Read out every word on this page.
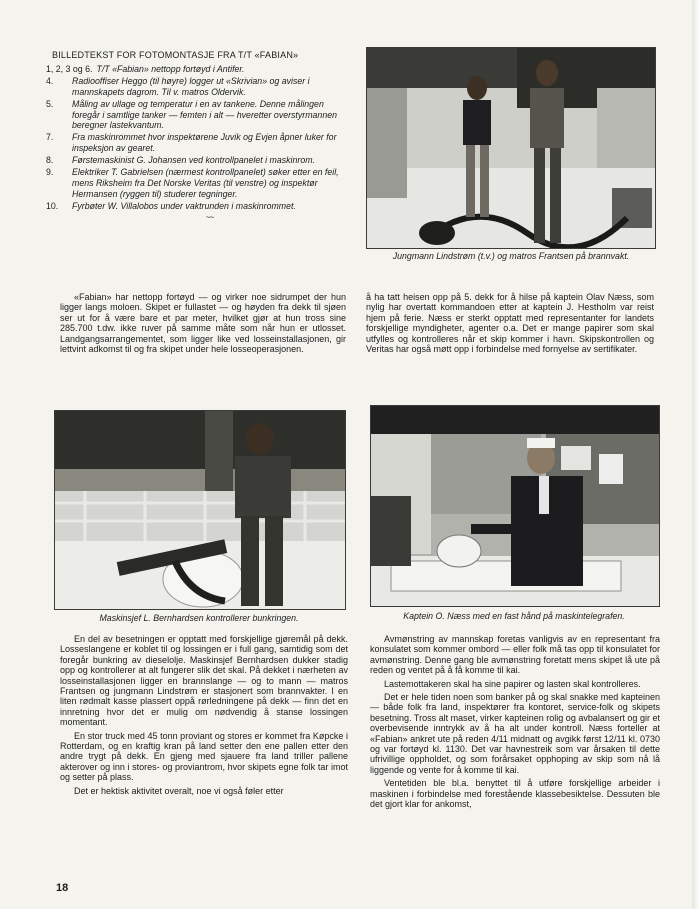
BILLEDTEKST FOR FOTOMONTASJE FRA T/T «FABIAN»
1, 2, 3 og 6. T/T «Fabian» nettopp fortøyd i Antifer.
4.	Radiooffiser Heggo (til høyre) logger ut «Skrivian» og aviser i mannskapets dagrom. Til v. matros Oldervik.
5.	Måling av ullage og temperatur i en av tankene. Denne målingen foregår i samtlige tanker — femten i alt — hveretter overstyrmannen beregner lastekvantum.
7.	Fra maskinrommet hvor inspektørene Juvik og Evjen åpner luker for inspeksjon av gearet.
8.	Førstemaskinist G. Johansen ved kontrollpanelet i maskinrom.
9.	Elektriker T. Gabrielsen (nærmest kontrollpanelet) søker etter en feil, mens Riksheim fra Det Norske Veritas (til venstre) og inspektør Hermansen (ryggen til) studerer tegninger.
10.	Fyrbøter W. Villalobos under vaktrunden i maskinrommet.
~~
Jungmann Lindstrøm (t.v.) og matros Frantsen på brannvakt.

«Fabian» har nettopp fortøyd — og virker noe sidrumpet der hun ligger langs moloen. Skipet er fullastet — og høyden fra dekk til sjøen ser ut for å være bare et par meter, hvilket gjør at hun tross sine 285.700 t.dw. ikke ruver på samme måte som når hun er utlosset. Landgangsarrangementet, som ligger like ved losseinstallasjonen, gir lettvint adkomst til og fra skipet under hele losseoperasjonen.

å ha tatt heisen opp på 5. dekk for å hilse på kaptein Olav Næss, som nylig har overtatt kommandoen etter at kaptein J. Hestholm var reist hjem på ferie. Næss er sterkt opptatt med representanter for landets forskjellige myndigheter, agenter o.a. Det er mange papirer som skal utfylles og kontrolleres når et skip kommer i havn. Skipskontrollen og Veritas har også møtt opp i forbindelse med fornyelse av sertifikater.

Maskinsjef L. Bernhardsen kontrollerer bunkringen.	Kaptein O. Næss med en fast hånd på maskintelegrafen.

En del av besetningen er opptatt med forskjellige gjøremål på dekk. Losseslangene er koblet til og lossingen er i full gang, samtidig som det foregår bunkring av dieselolje. Maskinsjef Bernhardsen dukker stadig opp og kontrollerer at alt fungerer slik det skal. På dekket i nærheten av losseinstallasjonen ligger en brannslange — og to mann — matros Frantsen og jungmann Lindstrøm er stasjonert som brannvakter. I en liten rødmalt kasse plassert oppå rørledningene på dekk — finn det en innretning hvor det er mulig om nødvendig å stanse lossingen momentant.

En stor truck med 45 tonn proviant og stores er kommet fra Køpcke i Rotterdam, og en kraftig kran på land setter den ene pallen etter den andre trygt på dekk. En gjeng med sjauere fra land triller pallene akterover og inn i stores- og proviantrom, hvor skipets egne folk tar imot og setter på plass.

Det er hektisk aktivitet overalt, noe vi også føler etter

Avmønstring av mannskap foretas vanligvis av en representant fra konsulatet som kommer ombord — eller folk må tas opp til konsulatet for avmønstring. Denne gang ble avmønstring foretatt mens skipet lå ute på reden og ventet på å få komme til kai.

Lastemottakeren skal ha sine papirer og lasten skal kontrolleres.

Det er hele tiden noen som banker på og skal snakke med kapteinen — både folk fra land, inspektører fra kontoret, service-folk og skipets besetning. Tross alt maset, virker kapteinen rolig og avbalansert og gir et overbevisende inntrykk av å ha alt under kontroll. Næss forteller at «Fabian» ankret ute på reden 4/11 midnatt og avgikk først 12/11 kl. 0730 og var fortøyd kl. 1130. Det var havnestreik som var årsaken til dette ufrivillige oppholdet, og som forårsaket opphoping av skip som nå lå liggende og vente for å komme til kai.

Ventetiden ble bl.a. benyttet til å utføre forskjellige arbeider i maskinen i forbindelse med forestående klassebesiktelse. Dessuten ble det gjort klar for ankomst,

18
